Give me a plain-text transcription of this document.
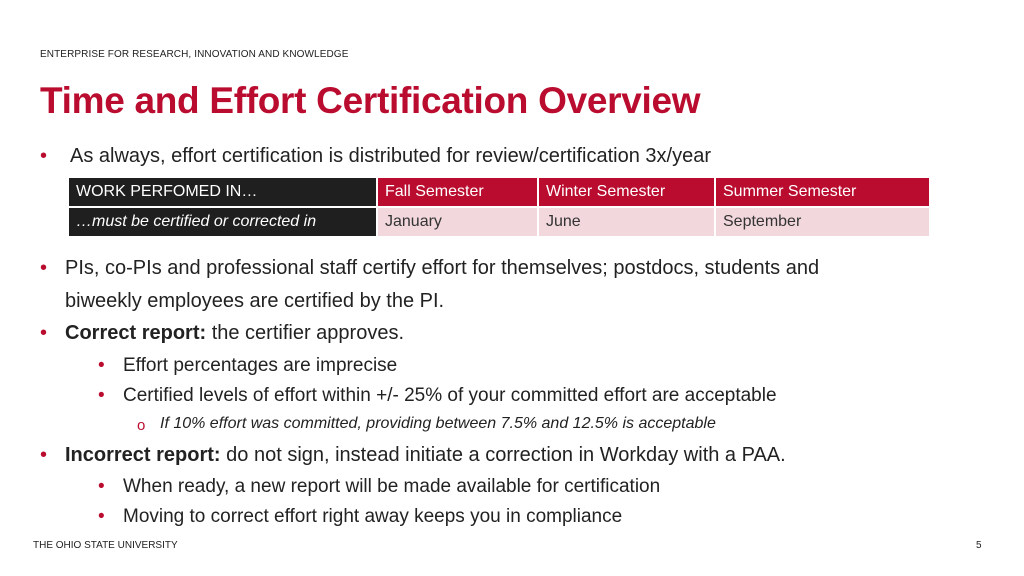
ENTERPRISE FOR RESEARCH, INNOVATION AND KNOWLEDGE
Time and Effort Certification Overview
• As always, effort certification is distributed for review/certification 3x/year
WORK PERFOMED IN…	Fall Semester	Winter Semester	Summer Semester
…must be certified or corrected in	January	June	September
• PIs, co-PIs and professional staff certify effort for themselves; postdocs, students and
biweekly employees are certified by the PI.
• Correct report: the certifier approves.
• Effort percentages are imprecise
• Certified levels of effort within +/- 25% of your committed effort are acceptable
o If 10% effort was committed, providing between 7.5% and 12.5% is acceptable
• Incorrect report: do not sign, instead initiate a correction in Workday with a PAA.
• When ready, a new report will be made available for certification
• Moving to correct effort right away keeps you in compliance
THE OHIO STATE UNIVERSITY	5
